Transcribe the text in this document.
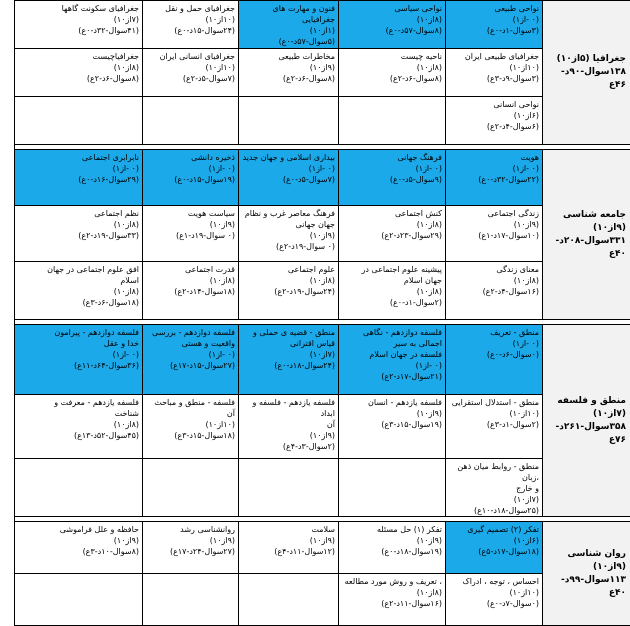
جغرافیا (۵از۱۰)
۱۳۸سوال-۹۰د-
۴۶ع	نواحی طبیعی
(۰ -از۱)
(۳سوال-۱د-۰ع)	نواحی سیاسی
(۸از۱۰)
(۸سوال-۵۷د-۰ع)	فنون و مهارت های جغرافیایی
(۱از۱۰)
(۵سوال-۵۷د-۰ع)	جغرافیای حمل و نقل
(۱۰از۱۰)
(۲۴سوال-۱۵د-۰ع)	جغرافیای سکونت گاهها
(۷از۱۰)
(۴۱سوال-۳۲د-۰ع)

	جغرافیای طبیعی ایران
(۱۰از۱۰)
(۳سوال-۹د-۳ع)	ناحیه چیست
(۸از۱۰)
(۸سوال-۶د-۲ع)	مخاطرات طبیعی
(۹از۱۰)
(۸سوال-۶د-۲ع)	جغرافیای انسانی ایران
(۱۰از۱۰)
(۷سوال-۵د-۲ع)	جغرافیاچیست
(۸از۱۰)
(۸سوال-۶د-۲ع)

	نواحی انسانی
(۶از۱۰)
(۶سوال-۴د-۲ع)				

جامعه شناسی (۹از۱۰)
۳۳۱سوال-۲۰۸د-
۴۰ع	هویت
(۰ -از۱)
(۲۲سوال-۳۲د-۰ع)	فرهنگ جهانی
(۰ -از۱)
(۹سوال-۵د-۰ع)	بیداری اسلامی و جهان جدید
(۰ -از۱)
(۷سوال-۵د-۰ع)	ذخیره دانشی
(۰ -از۱)
(۱۹سوال-۱۵د-۰ع)	نابرابری اجتماعی
(۰ -از۱)
(۲۹سوال-۱۶د-۰ع)

	زندگی اجتماعی
(۹از۱۰)
(۱۰سوال-۱۷د-۱ع)	کنش اجتماعی
(۸از۱۰)
(۲۹سوال-۲۳د-۲ع)	فرهنگ معاصر غرب و نظام
جهان جهانی
(۹از۱۰)
(۰ سوال-۱۹د-۲ع)	سیاست هویت
(۹از۱۰)
(۰ سوال-۱۹د-۱ع)	نظم اجتماعی
(۸از۱۰)
(۳۳سوال-۱۹د-۲ع)

	معنای زندگی
(۸از۱۰)
(۱۶سوال-۴د-۲ع)	پیشینه علوم اجتماعی در جهان اسلام
(۸از۱۰)
(۲سوال-۱د-۰ع)	علوم اجتماعی
(۸از۱۰)
(۲۴سوال-۱۹د-۲ع)	قدرت اجتماعی
(۸از۱۰)
(۱۸سوال-۱۴د-۲ع)	افق علوم اجتماعی در جهان
اسلام
(۸از۱۰)
(۱۸سوال-۶د-۳ع)

منطق و فلسفه (۷از۱۰)
۳۵۸سوال-۲۶۱د-
۷۶ع	منطق - تعریف
(۰ -از۱)
(۰سوال-۶د-۰ع)	فلسفه دوازدهم - نگاهی اجمالی به سیر
فلسفه در جهان اسلام
(۰ -از۱)
(۲۱سوال-۱۷د-۲ع)	منطق - قضیه ی حملی و
قیاس اقترانی
(۷از۱۰)
(۲۴سوال-۱۸د-۰ع)	فلسفه دوازدهم - بررسی
واقعیت و هستی
(۰ -از۱)
(۲۷سوال-۱۵د-۱۷ع)	فلسفه دوازدهم - پیرامون
خدا و عقل
(۰ -از۱)
(۳۶سوال-۶۴د-۱۱ع)

	منطق - استدلال استقرایی
(۱۰از۱۰)
(۲سوال-۱د-۳ع)	فلسفه یازدهم - انسان
(۹از۱۰)
(۱۹سوال-۱۵د-۳ع)	فلسفه یازدهم - فلسفه و ابداد
آن
(۹از۱۰)
(۲سوال-۳د-۴ع)	فلسفه - منطق و مباحث آن
(۱۰از۱۰)
(۱۸سوال-۱۵د-۳ع)	فلسفه یازدهم - معرفت و
شناخت
(۸از۱۰)
(۴۵سوال-۵۲د-۱۳ع)

	منطق - روابط میان ذهن ،زبان
و خارج
(۷از۱۰)
(۲۵سوال-۱۸د-۱۰ع)				

روان شناسی (۹از۱۰)
۱۱۳سوال-۹۹د-
۴۰ع	تفکر (۲) تصمیم گیری
(۶از۱۰)
(۱۸سوال-۱۷د-۵ع)	تفکر (۱) حل مسئله
(۹از۱۰)
(۱۹سوال-۱۸د-۰ع)	سلامت
(۹از۱۰)
(۱۲سوال-۱۱د-۴ع)	روانشناسی رشد
(۹از۱۰)
(۲۷سوال-۲۴د-۱۷ع)	حافظه و علل فراموشی
(۹از۱۰)
(۸سوال-۱۰د-۳ع)

	احساس ، توجه ، ادراک
(۱۰از۱۰)
(۰سوال-۷د-۰ع)	، تعریف و روش مورد مطالعه
(۸از۱۰)
(۱۶سوال-۱۱د-۲ع)			
